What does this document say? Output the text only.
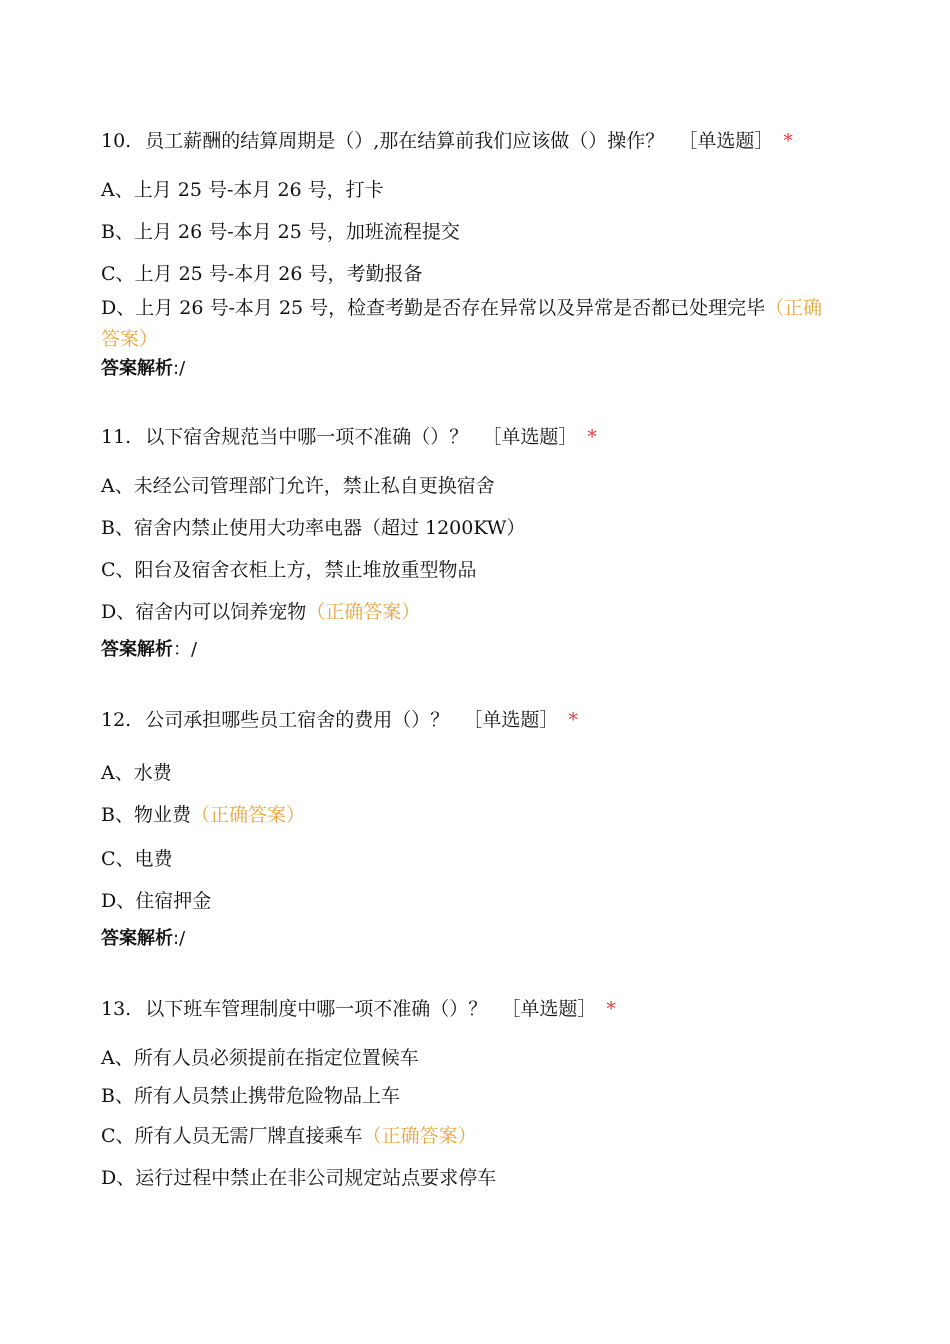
10. 员工薪酬的结算周期是（）,那在结算前我们应该做（）操作？ ［单选题］ *
A、上月 25 号-本月 26 号，打卡
B、上月 26 号-本月 25 号，加班流程提交
C、上月 25 号-本月 26 号，考勤报备
D、上月 26 号-本月 25 号，检查考勤是否存在异常以及异常是否都已处理完毕（正确答案）
答案解析:/
11. 以下宿舍规范当中哪一项不准确（）？ ［单选题］ *
A、未经公司管理部门允许，禁止私自更换宿舍
B、宿舍内禁止使用大功率电器（超过 1200KW）
C、阳台及宿舍衣柜上方，禁止堆放重型物品
D、宿舍内可以饲养宠物（正确答案）
答案解析：/
12. 公司承担哪些员工宿舍的费用（）？ ［单选题］ *
A、水费
B、物业费（正确答案）
C、电费
D、住宿押金
答案解析:/
13. 以下班车管理制度中哪一项不准确（）？ ［单选题］ *
A、所有人员必须提前在指定位置候车
B、所有人员禁止携带危险物品上车
C、所有人员无需厂牌直接乘车（正确答案）
D、运行过程中禁止在非公司规定站点要求停车
